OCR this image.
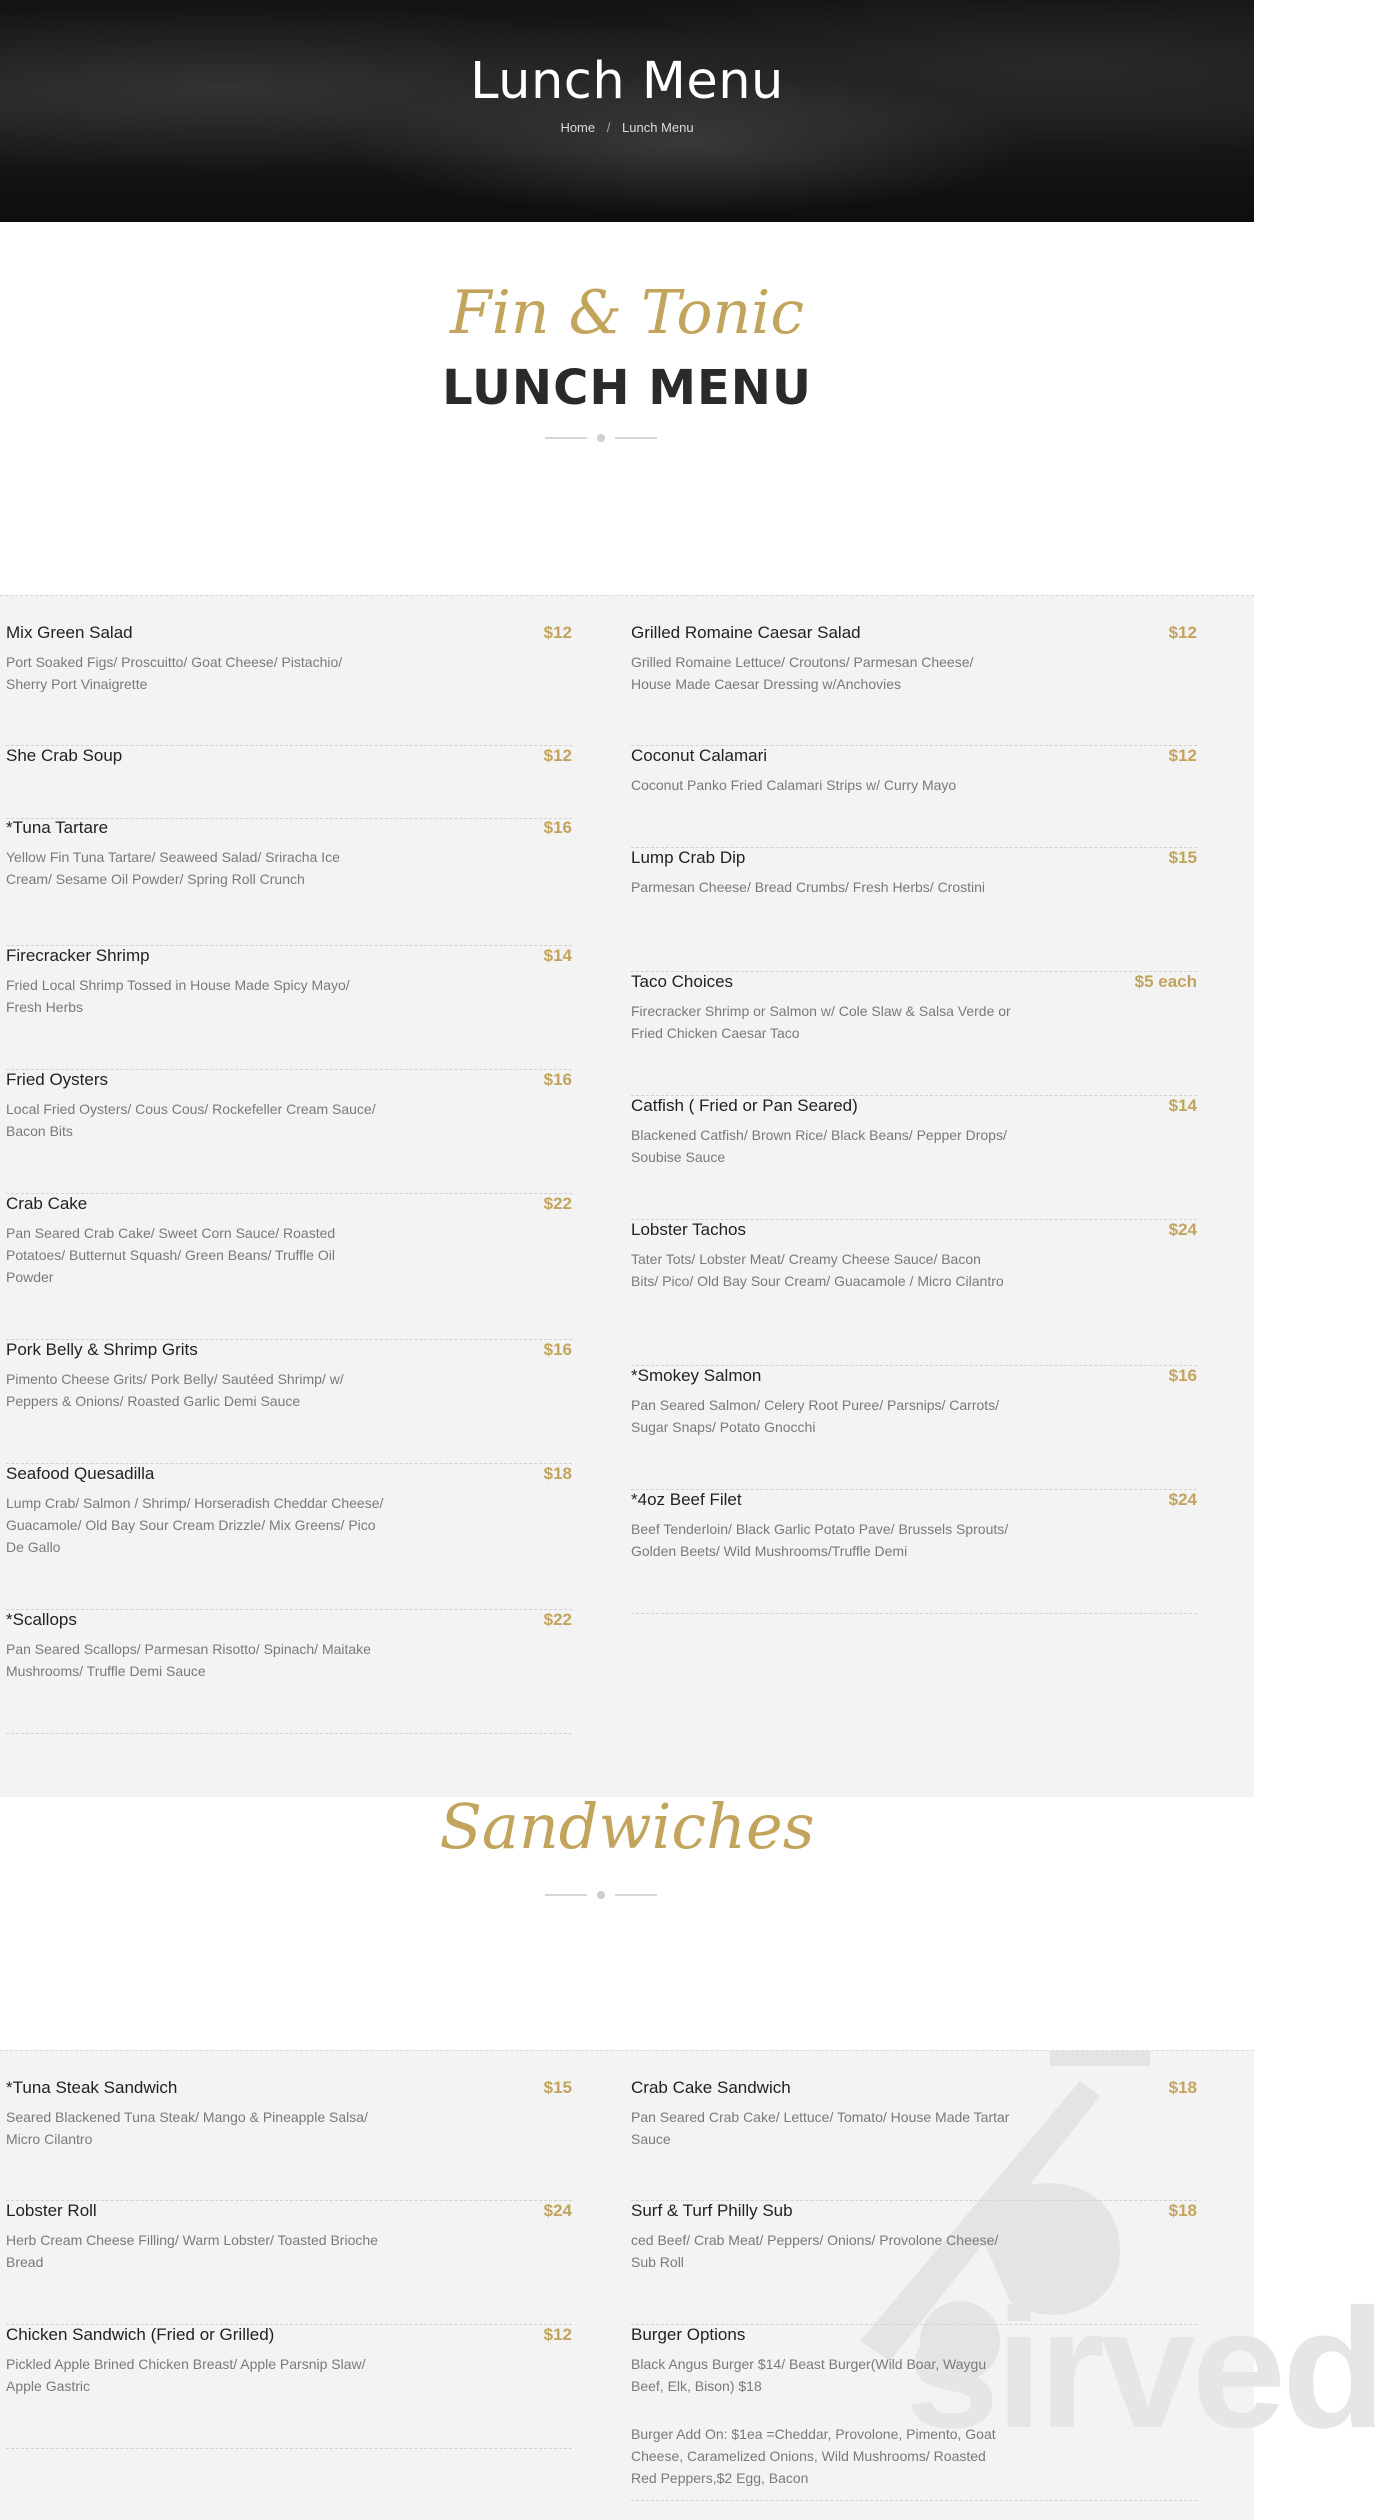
Lunch Menu
Home / Lunch Menu
Fin & Tonic
LUNCH MENU
Mix Green Salad	$12
Port Soaked Figs/ Proscuitto/ Goat Cheese/ Pistachio/ Sherry Port Vinaigrette
She Crab Soup	$12
*Tuna Tartare	$16
Yellow Fin Tuna Tartare/ Seaweed Salad/ Sriracha Ice Cream/ Sesame Oil Powder/ Spring Roll Crunch
Firecracker Shrimp	$14
Fried Local Shrimp Tossed in House Made Spicy Mayo/ Fresh Herbs
Fried Oysters	$16
Local Fried Oysters/ Cous Cous/ Rockefeller Cream Sauce/ Bacon Bits
Crab Cake	$22
Pan Seared Crab Cake/ Sweet Corn Sauce/ Roasted Potatoes/ Butternut Squash/ Green Beans/ Truffle Oil Powder
Pork Belly & Shrimp Grits	$16
Pimento Cheese Grits/ Pork Belly/ Sautéed Shrimp/ w/ Peppers & Onions/ Roasted Garlic Demi Sauce
Seafood Quesadilla	$18
Lump Crab/ Salmon / Shrimp/ Horseradish Cheddar Cheese/ Guacamole/ Old Bay Sour Cream Drizzle/ Mix Greens/ Pico De Gallo
*Scallops	$22
Pan Seared Scallops/ Parmesan Risotto/ Spinach/ Maitake Mushrooms/ Truffle Demi Sauce
Grilled Romaine Caesar Salad	$12
Grilled Romaine Lettuce/ Croutons/ Parmesan Cheese/ House Made Caesar Dressing w/Anchovies
Coconut Calamari	$12
Coconut Panko Fried Calamari Strips w/ Curry Mayo
Lump Crab Dip	$15
Parmesan Cheese/ Bread Crumbs/ Fresh Herbs/ Crostini
Taco Choices	$5 each
Firecracker Shrimp or Salmon w/ Cole Slaw & Salsa Verde or Fried Chicken Caesar Taco
Catfish ( Fried or Pan Seared)	$14
Blackened Catfish/ Brown Rice/ Black Beans/ Pepper Drops/ Soubise Sauce
Lobster Tachos	$24
Tater Tots/ Lobster Meat/ Creamy Cheese Sauce/ Bacon Bits/ Pico/ Old Bay Sour Cream/ Guacamole / Micro Cilantro
*Smokey Salmon	$16
Pan Seared Salmon/ Celery Root Puree/ Parsnips/ Carrots/ Sugar Snaps/ Potato Gnocchi
*4oz Beef Filet	$24
Beef Tenderloin/ Black Garlic Potato Pave/ Brussels Sprouts/ Golden Beets/ Wild Mushrooms/Truffle Demi
Sandwiches
sirved
*Tuna Steak Sandwich	$15
Seared Blackened Tuna Steak/ Mango & Pineapple Salsa/ Micro Cilantro
Lobster Roll	$24
Herb Cream Cheese Filling/ Warm Lobster/ Toasted Brioche Bread
Chicken Sandwich (Fried or Grilled)	$12
Pickled Apple Brined Chicken Breast/ Apple Parsnip Slaw/ Apple Gastric
Crab Cake Sandwich	$18
Pan Seared Crab Cake/ Lettuce/ Tomato/ House Made Tartar Sauce
Surf & Turf Philly Sub	$18
ced Beef/ Crab Meat/ Peppers/ Onions/ Provolone Cheese/ Sub Roll
Burger Options
Black Angus Burger $14/ Beast Burger(Wild Boar, Waygu Beef, Elk, Bison) $18
Burger Add On: $1ea =Cheddar, Provolone, Pimento, Goat Cheese, Caramelized Onions, Wild Mushrooms/ Roasted Red Peppers,$2 Egg, Bacon
